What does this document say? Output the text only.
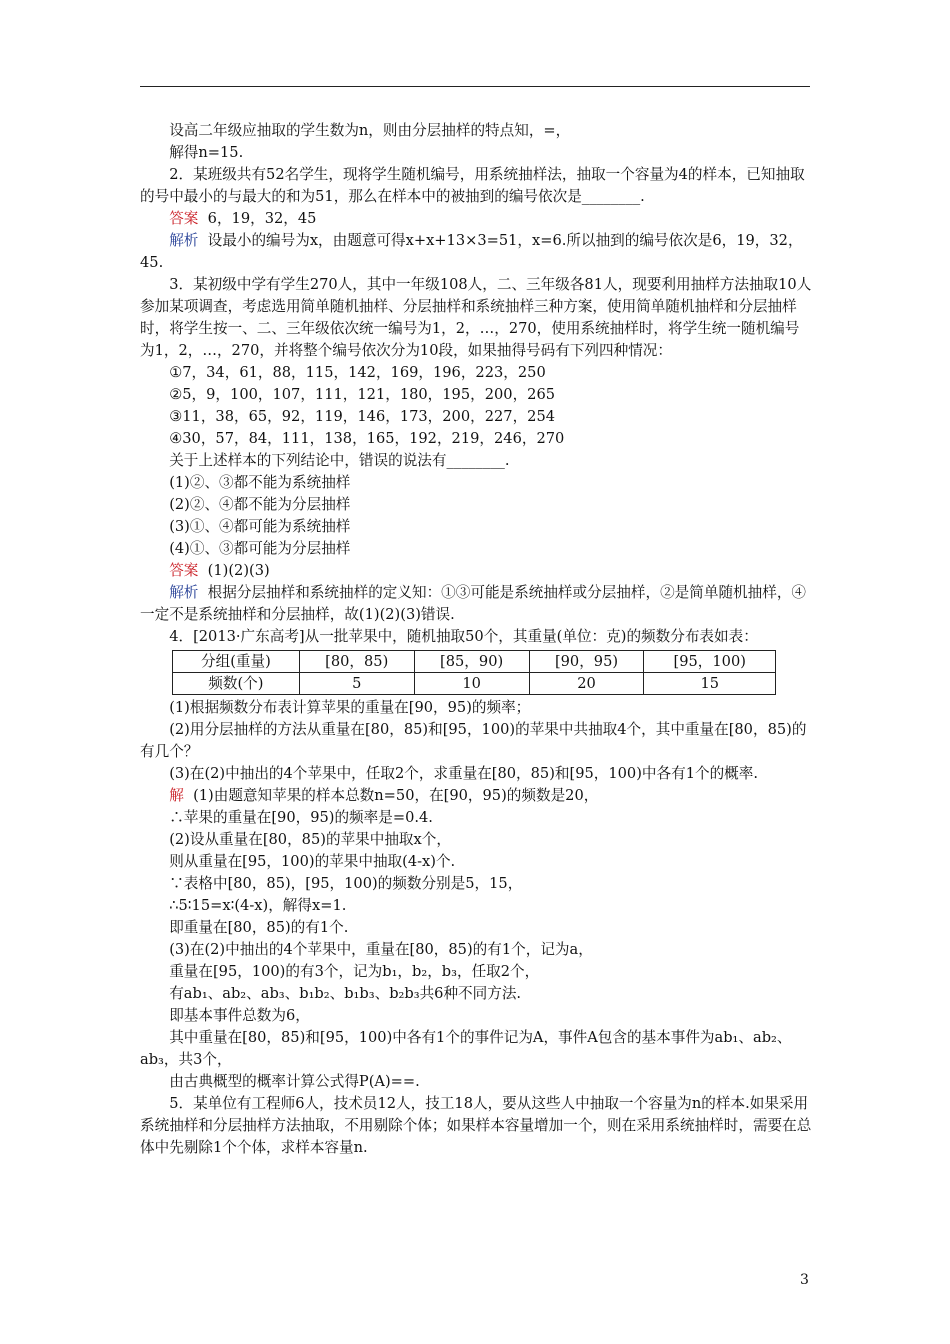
设高二年级应抽取的学生数为n，则由分层抽样的特点知，=，

解得n=15.

2．某班级共有52名学生，现将学生随机编号，用系统抽样法，抽取一个容量为4的样本，已知抽取的号中最小的与最大的和为51，那么在样本中的被抽到的编号依次是________.

答案  6，19，32，45

解析  设最小的编号为x，由题意可得x+x+13×3=51，x=6.所以抽到的编号依次是6，19，32，45.

3．某初级中学有学生270人，其中一年级108人，二、三年级各81人，现要利用抽样方法抽取10人参加某项调查，考虑选用简单随机抽样、分层抽样和系统抽样三种方案，使用简单随机抽样和分层抽样时，将学生按一、二、三年级依次统一编号为1，2，…，270，使用系统抽样时，将学生统一随机编号为1，2，…，270，并将整个编号依次分为10段，如果抽得号码有下列四种情况：

①7，34，61，88，115，142，169，196，223，250

②5，9，100，107，111，121，180，195，200，265

③11，38，65，92，119，146，173，200，227，254

④30，57，84，111，138，165，192，219，246，270

关于上述样本的下列结论中，错误的说法有________.

(1)②、③都不能为系统抽样

(2)②、④都不能为分层抽样

(3)①、④都可能为系统抽样

(4)①、③都可能为分层抽样

答案  (1)(2)(3)

解析  根据分层抽样和系统抽样的定义知：①③可能是系统抽样或分层抽样，②是简单随机抽样，④一定不是系统抽样和分层抽样，故(1)(2)(3)错误.

4．[2013·广东高考]从一批苹果中，随机抽取50个，其重量(单位：克)的频数分布表如表：

分组(重量)	[80，85)	[85，90)	[90，95)	[95，100)
频数(个)	5	10	20	15

(1)根据频数分布表计算苹果的重量在[90，95)的频率；

(2)用分层抽样的方法从重量在[80，85)和[95，100)的苹果中共抽取4个，其中重量在[80，85)的有几个？

(3)在(2)中抽出的4个苹果中，任取2个，求重量在[80，85)和[95，100)中各有1个的概率.

解  (1)由题意知苹果的样本总数n=50，在[90，95)的频数是20，

∴苹果的重量在[90，95)的频率是=0.4.

(2)设从重量在[80，85)的苹果中抽取x个，

则从重量在[95，100)的苹果中抽取(4-x)个.

∵表格中[80，85)，[95，100)的频数分别是5，15，

∴5∶15=x∶(4-x)，解得x=1.

即重量在[80，85)的有1个.

(3)在(2)中抽出的4个苹果中，重量在[80，85)的有1个，记为a，

重量在[95，100)的有3个，记为b₁，b₂，b₃，任取2个，

有ab₁、ab₂、ab₃、b₁b₂、b₁b₃、b₂b₃共6种不同方法.

即基本事件总数为6，

其中重量在[80，85)和[95，100)中各有1个的事件记为A，事件A包含的基本事件为ab₁、ab₂、ab₃，共3个，

由古典概型的概率计算公式得P(A)==.

5．某单位有工程师6人，技术员12人，技工18人，要从这些人中抽取一个容量为n的样本.如果采用系统抽样和分层抽样方法抽取，不用剔除个体；如果样本容量增加一个，则在采用系统抽样时，需要在总体中先剔除1个个体，求样本容量n.

3
